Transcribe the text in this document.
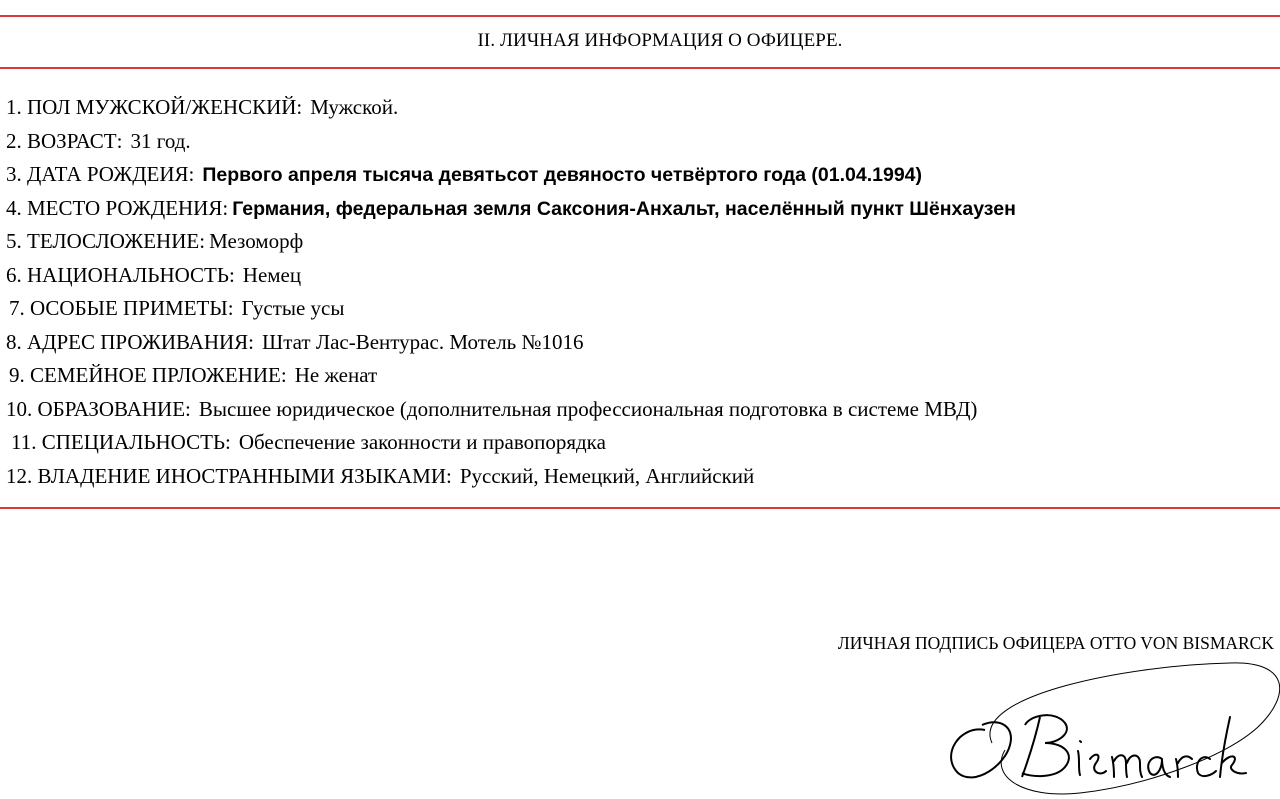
II. ЛИЧНАЯ ИНФОРМАЦИЯ О ОФИЦЕРЕ.
1. ПОЛ МУЖСКОЙ/ЖЕНСКИЙ: Мужской.
2. ВОЗРАСТ: 31 год.
3. ДАТА РОЖДЕИЯ: Первого апреля тысяча девятьсот девяносто четвёртого года (01.04.1994)
4. МЕСТО РОЖДЕНИЯ: Германия, федеральная земля Саксония-Анхальт, населённый пункт Шёнхаузен
5. ТЕЛОСЛОЖЕНИЕ: Мезоморф
6. НАЦИОНАЛЬНОСТЬ: Немец
7. ОСОБЫЕ ПРИМЕТЫ: Густые усы
8. АДРЕС ПРОЖИВАНИЯ: Штат Лас-Вентурас. Мотель №1016
9. СЕМЕЙНОЕ ПРЛОЖЕНИЕ: Не женат
10. ОБРАЗОВАНИЕ: Высшее юридическое (дополнительная профессиональная подготовка в системе МВД)
11. СПЕЦИАЛЬНОСТЬ: Обеспечение законности и правопорядка
12. ВЛАДЕНИЕ ИНОСТРАННЫМИ ЯЗЫКАМИ: Русский, Немецкий, Английский
ЛИЧНАЯ ПОДПИСЬ ОФИЦЕРА OTTO VON BISMARCK
